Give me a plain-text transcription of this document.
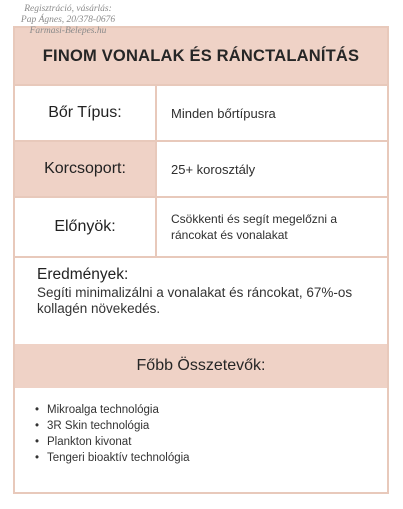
Regisztráció, vásárlás:
Pap Ágnes, 20/378-0676
Farmasi-Belepes.hu
FINOM VONALAK ÉS RÁNCTALANÍTÁS
Bőr Típus:	Minden bőrtípusra
Korcsoport:	25+ korosztály
Előnyök:	Csökkenti és segít megelőzni a ráncokat és vonalakat
Eredmények:
Segíti minimalizálni a vonalakat és ráncokat, 67%-os kollagén növekedés.
Főbb Összetevők:
• Mikroalga technológia
• 3R Skin technológia
• Plankton kivonat
• Tengeri bioaktív technológia
